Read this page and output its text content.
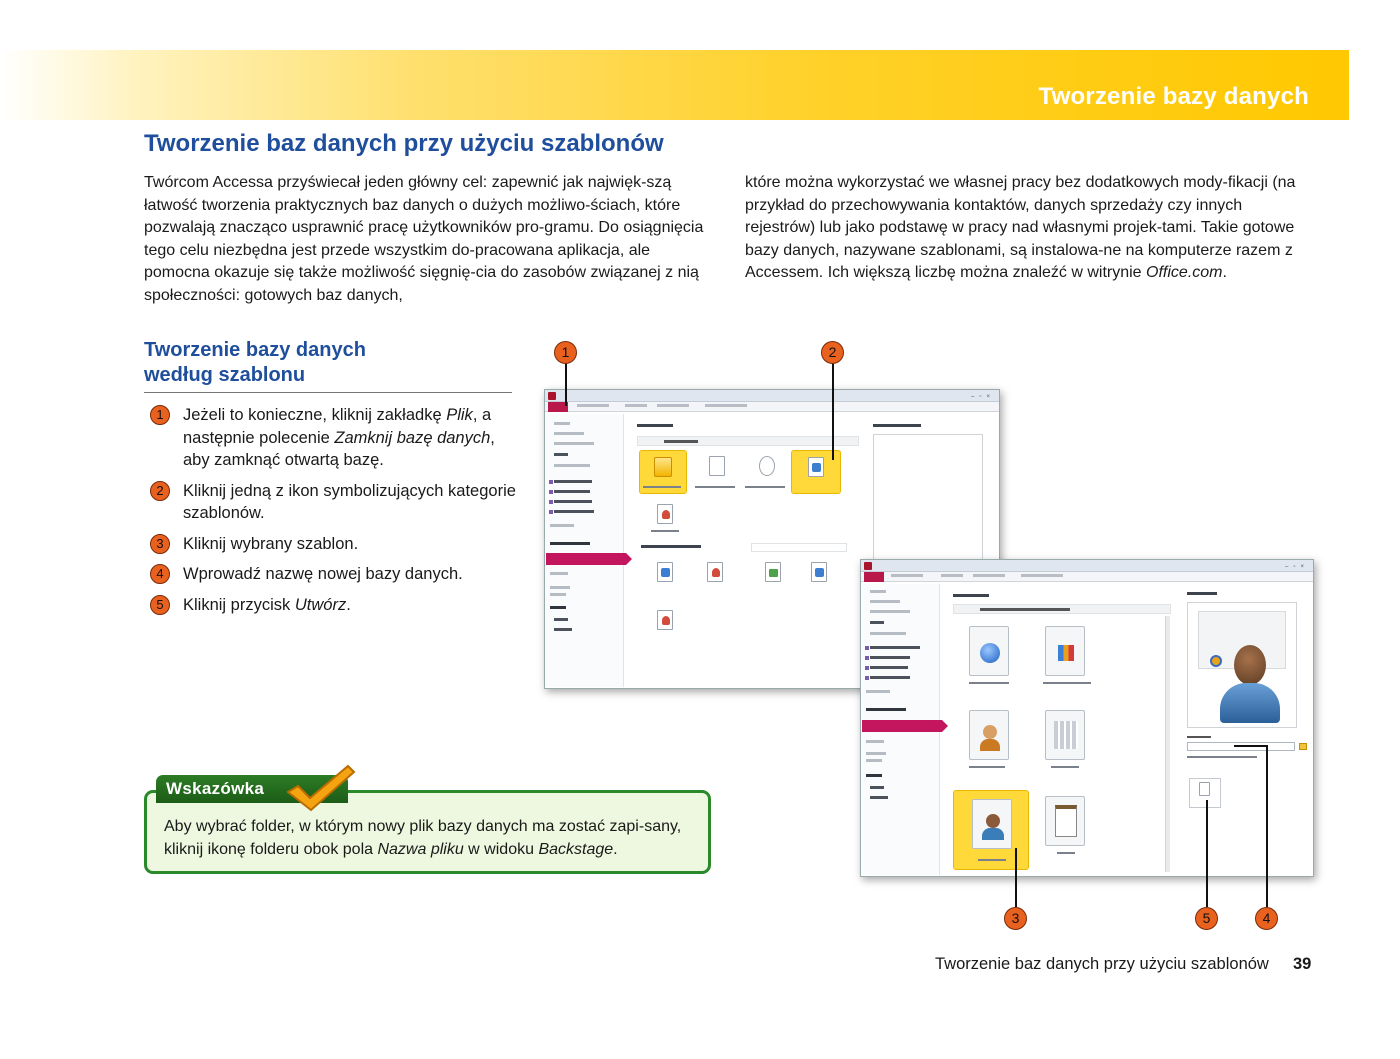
Tworzenie bazy danych
Tworzenie baz danych przy użyciu szablonów

Twórcom Accessa przyświecał jeden główny cel: zapewnić jak najwięk-szą łatwość tworzenia praktycznych baz danych o dużych możliwo-ściach, które pozwalają znacząco usprawnić pracę użytkowników pro-gramu. Do osiągnięcia tego celu niezbędna jest przede wszystkim do-pracowana aplikacja, ale pomocna okazuje się także możliwość sięgnię-cia do zasobów związanej z nią społeczności: gotowych baz danych,

które można wykorzystać we własnej pracy bez dodatkowych mody-fikacji (na przykład do przechowywania kontaktów, danych sprzedaży czy innych rejestrów) lub jako podstawę w pracy nad własnymi projek-tami. Takie gotowe bazy danych, nazywane szablonami, są instalowa-ne na komputerze razem z Accessem. Ich większą liczbę można znaleźć w witrynie Office.com.

Tworzenie bazy danych
według szablonu
1	Jeżeli to konieczne, kliknij zakładkę Plik, a następnie polecenie Zamknij bazę danych, aby zamknąć otwartą bazę.
2	Kliknij jedną z ikon symbolizujących kategorie szablonów.
3	Kliknij wybrany szablon.
4	Wprowadź nazwę nowej bazy danych.
5	Kliknij przycisk Utwórz.
–▫×
–▫×
1	2
3	5	4
Wskazówka

Aby wybrać folder, w którym nowy plik bazy danych ma zostać zapi-sany, kliknij ikonę folderu obok pola Nazwa pliku w widoku Backstage.

Tworzenie baz danych przy użyciu szablonów 39
